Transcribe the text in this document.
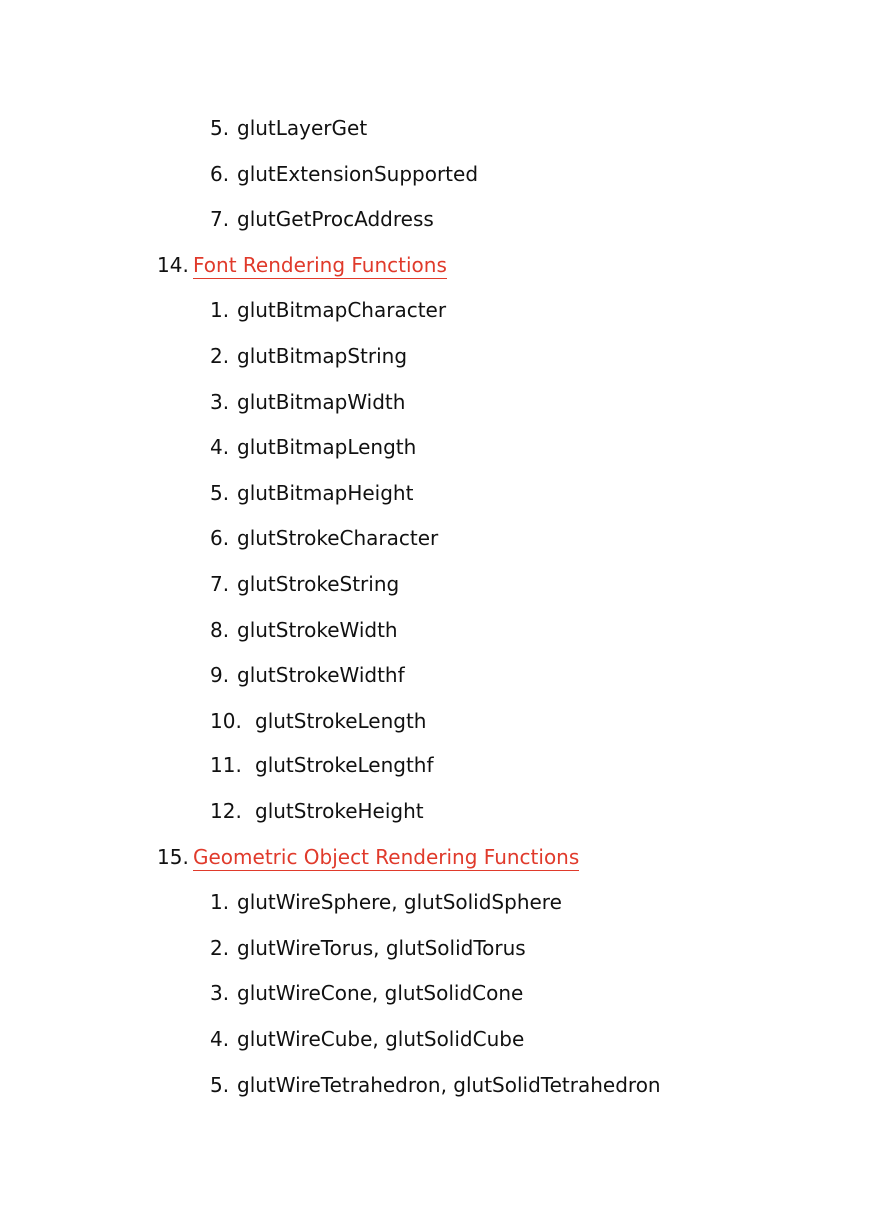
5. glutLayerGet
6. glutExtensionSupported
7. glutGetProcAddress
14. Font Rendering Functions
1. glutBitmapCharacter
2. glutBitmapString
3. glutBitmapWidth
4. glutBitmapLength
5. glutBitmapHeight
6. glutStrokeCharacter
7. glutStrokeString
8. glutStrokeWidth
9. glutStrokeWidthf
10. glutStrokeLength
11. glutStrokeLengthf
12. glutStrokeHeight
15. Geometric Object Rendering Functions
1. glutWireSphere, glutSolidSphere
2. glutWireTorus, glutSolidTorus
3. glutWireCone, glutSolidCone
4. glutWireCube, glutSolidCube
5. glutWireTetrahedron, glutSolidTetrahedron
